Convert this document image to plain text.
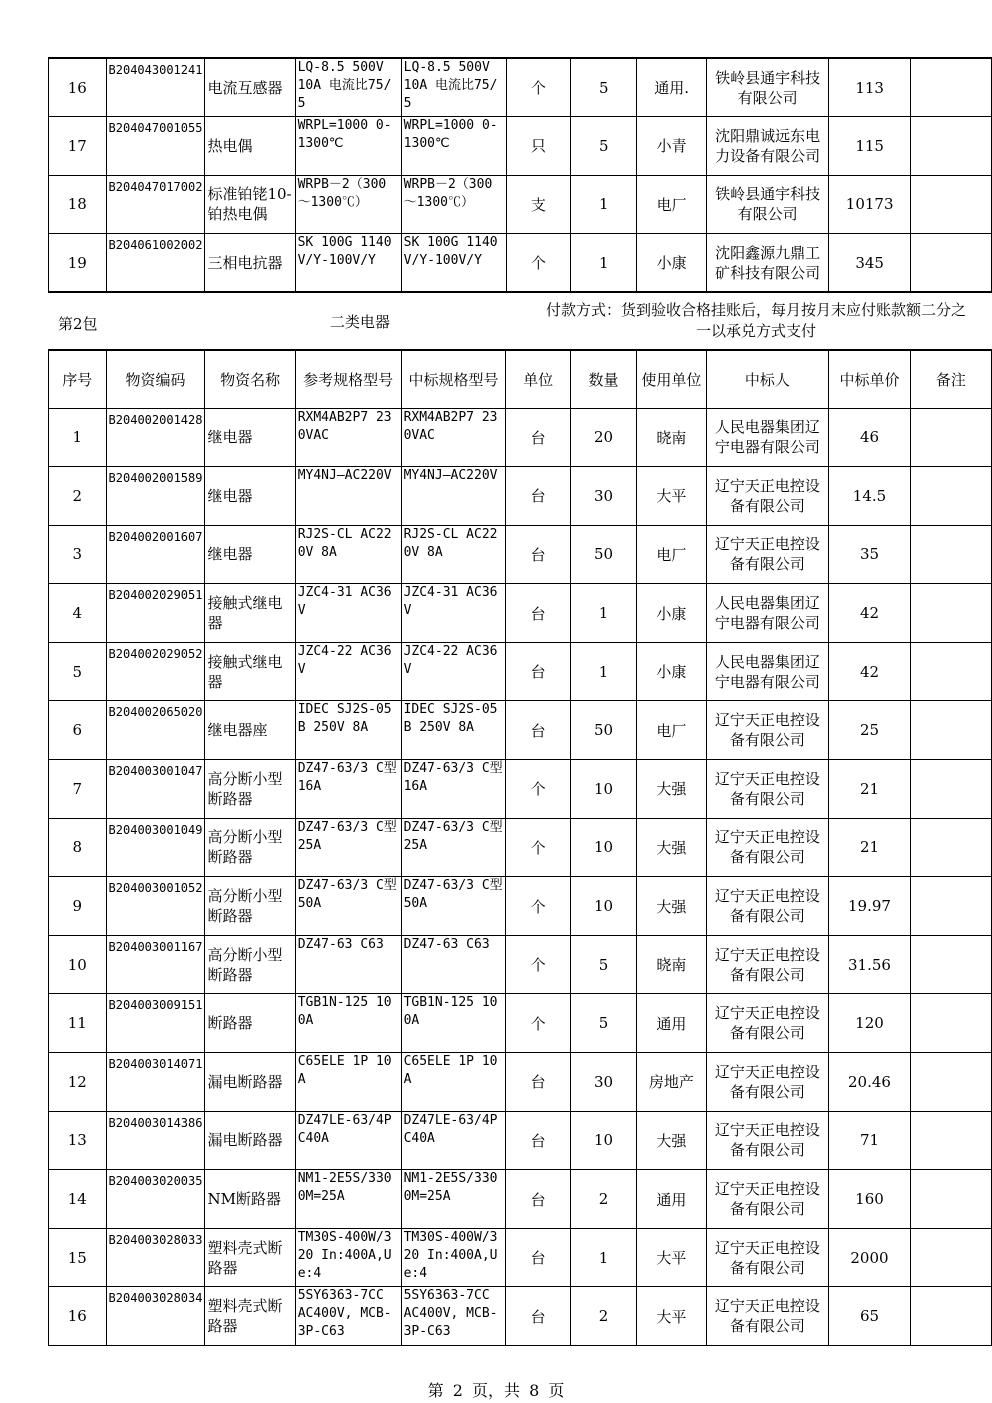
16	B204043001241	电流互感器	LQ-8.5 500V 10A 电流比75/5	LQ-8.5 500V 10A 电流比75/5	个	5	通用.	铁岭县通宇科技有限公司	113	
17	B204047001055	热电偶	WRPL=1000 0-1300℃	WRPL=1000 0-1300℃	只	5	小青	沈阳鼎诚远东电力设备有限公司	115	
18	B204047017002	标准铂铑10-铂热电偶	WRPB－2（300～1300℃）	WRPB－2（300～1300℃）	支	1	电厂	铁岭县通宇科技有限公司	10173	
19	B204061002002	三相电抗器	SK 100G 1140V/Y-100V/Y	SK 100G 1140V/Y-100V/Y	个	1	小康	沈阳鑫源九鼎工矿科技有限公司	345	
第2包	二类电器
付款方式：货到验收合格挂账后，每月按月末应付账款额二分之一以承兑方式支付
序号	物资编码	物资名称	参考规格型号	中标规格型号	单位	数量	使用单位	中标人	中标单价	备注
1	B204002001428	继电器	RXM4AB2P7 230VAC	RXM4AB2P7 230VAC	台	20	晓南	人民电器集团辽宁电器有限公司	46	
2	B204002001589	继电器	MY4NJ—AC220V	MY4NJ—AC220V	台	30	大平	辽宁天正电控设备有限公司	14.5	
3	B204002001607	继电器	RJ2S-CL AC220V 8A	RJ2S-CL AC220V 8A	台	50	电厂	辽宁天正电控设备有限公司	35	
4	B204002029051	接触式继电器	JZC4-31 AC36V	JZC4-31 AC36V	台	1	小康	人民电器集团辽宁电器有限公司	42	
5	B204002029052	接触式继电器	JZC4-22 AC36V	JZC4-22 AC36V	台	1	小康	人民电器集团辽宁电器有限公司	42	
6	B204002065020	继电器座	IDEC SJ2S-05B 250V 8A	IDEC SJ2S-05B 250V 8A	台	50	电厂	辽宁天正电控设备有限公司	25	
7	B204003001047	高分断小型断路器	DZ47-63/3 C型 16A	DZ47-63/3 C型 16A	个	10	大强	辽宁天正电控设备有限公司	21	
8	B204003001049	高分断小型断路器	DZ47-63/3 C型 25A	DZ47-63/3 C型 25A	个	10	大强	辽宁天正电控设备有限公司	21	
9	B204003001052	高分断小型断路器	DZ47-63/3 C型 50A	DZ47-63/3 C型 50A	个	10	大强	辽宁天正电控设备有限公司	19.97	
10	B204003001167	高分断小型断路器	DZ47-63 C63	DZ47-63 C63	个	5	晓南	辽宁天正电控设备有限公司	31.56	
11	B204003009151	断路器	TGB1N-125 100A	TGB1N-125 100A	个	5	通用	辽宁天正电控设备有限公司	120	
12	B204003014071	漏电断路器	C65ELE 1P 10A	C65ELE 1P 10A	台	30	房地产	辽宁天正电控设备有限公司	20.46	
13	B204003014386	漏电断路器	DZ47LE-63/4P C40A	DZ47LE-63/4P C40A	台	10	大强	辽宁天正电控设备有限公司	71	
14	B204003020035	NM断路器	NM1-2E5S/3300M=25A	NM1-2E5S/3300M=25A	台	2	通用	辽宁天正电控设备有限公司	160	
15	B204003028033	塑料壳式断路器	TM30S-400W/320 In:400A,Ue:4	TM30S-400W/320 In:400A,Ue:4	台	1	大平	辽宁天正电控设备有限公司	2000	
16	B204003028034	塑料壳式断路器	5SY6363-7CC AC400V, MCB-3P-C63	5SY6363-7CC AC400V, MCB-3P-C63	台	2	大平	辽宁天正电控设备有限公司	65	
第 2 页，共 8 页
